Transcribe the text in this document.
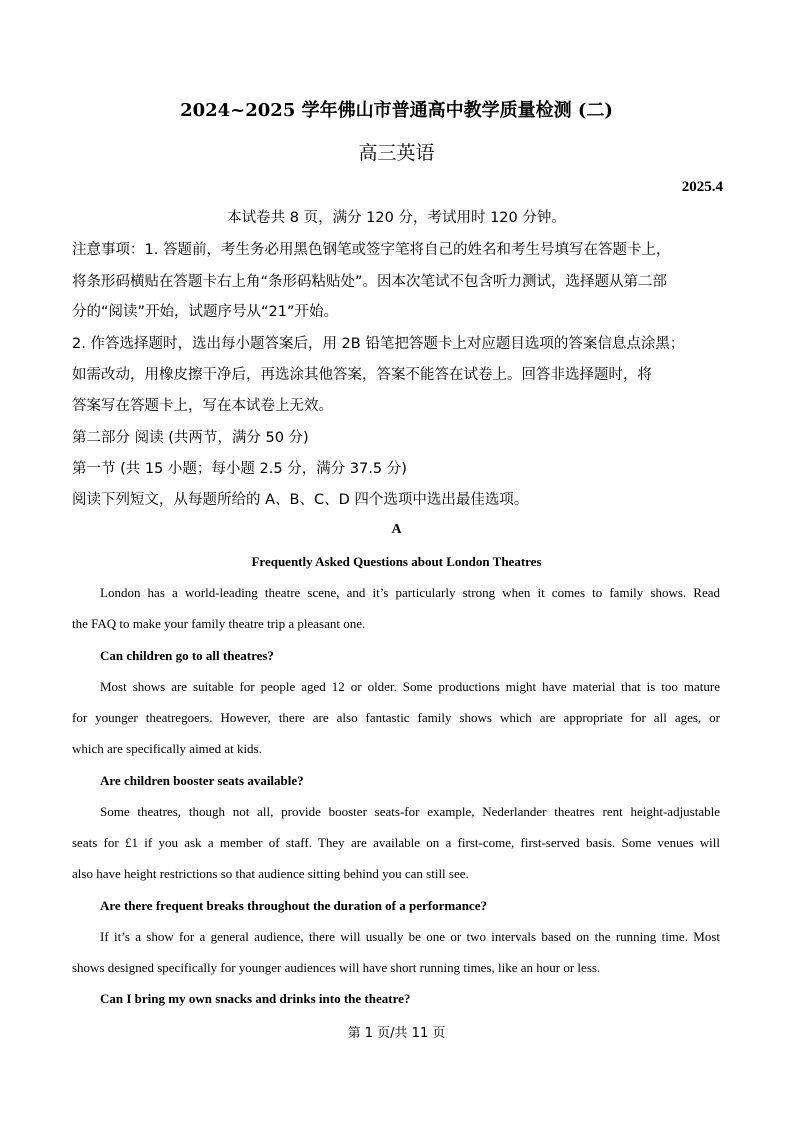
2024~2025 学年佛山市普通高中教学质量检测 (二)
高三英语
2025.4
本试卷共 8 页，满分 120 分，考试用时 120 分钟。
注意事项：1. 答题前，考生务必用黑色钢笔或签字笔将自己的姓名和考生号填写在答题卡上，
将条形码横贴在答题卡右上角“条形码粘贴处”。因本次笔试不包含听力测试，选择题从第二部
分的“阅读”开始，试题序号从“21”开始。
2. 作答选择题时，选出每小题答案后，用 2B 铅笔把答题卡上对应题目选项的答案信息点涂黑；
如需改动，用橡皮擦干净后，再选涂其他答案，答案不能答在试卷上。回答非选择题时，将
答案写在答题卡上，写在本试卷上无效。
第二部分 阅读 (共两节，满分 50 分)
第一节 (共 15 小题；每小题 2.5 分，满分 37.5 分)
阅读下列短文，从每题所给的 A、B、C、D 四个选项中选出最佳选项。
A
Frequently Asked Questions about London Theatres
London has a world-leading theatre scene, and it’s particularly strong when it comes to family shows. Read
the FAQ to make your family theatre trip a pleasant one.
Can children go to all theatres?
Most shows are suitable for people aged 12 or older. Some productions might have material that is too mature
for younger theatregoers. However, there are also fantastic family shows which are appropriate for all ages, or
which are specifically aimed at kids.
Are children booster seats available?
Some theatres, though not all, provide booster seats-for example, Nederlander theatres rent height-adjustable
seats for £1 if you ask a member of staff. They are available on a first-come, first-served basis. Some venues will
also have height restrictions so that audience sitting behind you can still see.
Are there frequent breaks throughout the duration of a performance?
If it’s a show for a general audience, there will usually be one or two intervals based on the running time. Most
shows designed specifically for younger audiences will have short running times, like an hour or less.
Can I bring my own snacks and drinks into the theatre?
第 1 页/共 11 页
